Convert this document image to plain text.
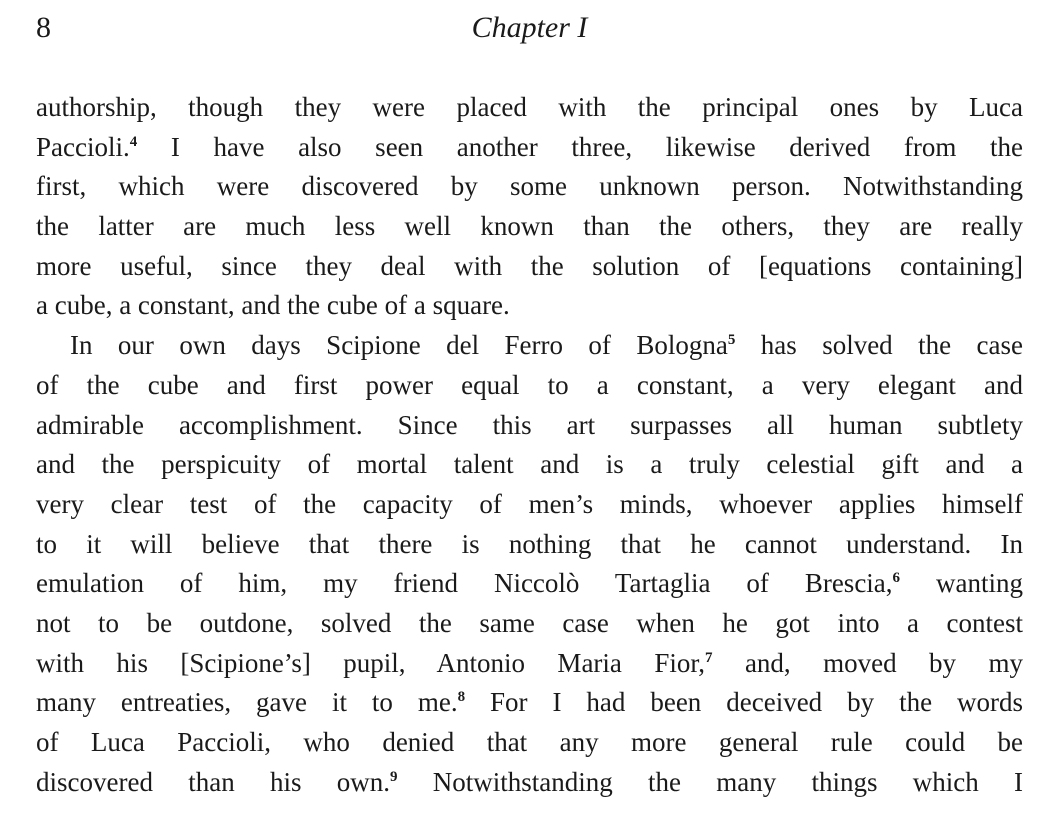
8	Chapter I
authorship, though they were placed with the principal ones by Luca
Paccioli.$^4$ I have also seen another three, likewise derived from the
first, which were discovered by some unknown person. Notwithstanding
the latter are much less well known than the others, they are really
more useful, since they deal with the solution of [equations containing]
a cube, a constant, and the cube of a square.
In our own days Scipione del Ferro of Bologna$^5$ has solved the case
of the cube and first power equal to a constant, a very elegant and
admirable accomplishment. Since this art surpasses all human subtlety
and the perspicuity of mortal talent and is a truly celestial gift and a
very clear test of the capacity of men’s minds, whoever applies himself
to it will believe that there is nothing that he cannot understand. In
emulation of him, my friend Niccolò Tartaglia of Brescia,$^6$ wanting
not to be outdone, solved the same case when he got into a contest
with his [Scipione’s] pupil, Antonio Maria Fior,$^7$ and, moved by my
many entreaties, gave it to me.$^8$ For I had been deceived by the words
of Luca Paccioli, who denied that any more general rule could be
discovered than his own.$^9$ Notwithstanding the many things which I
